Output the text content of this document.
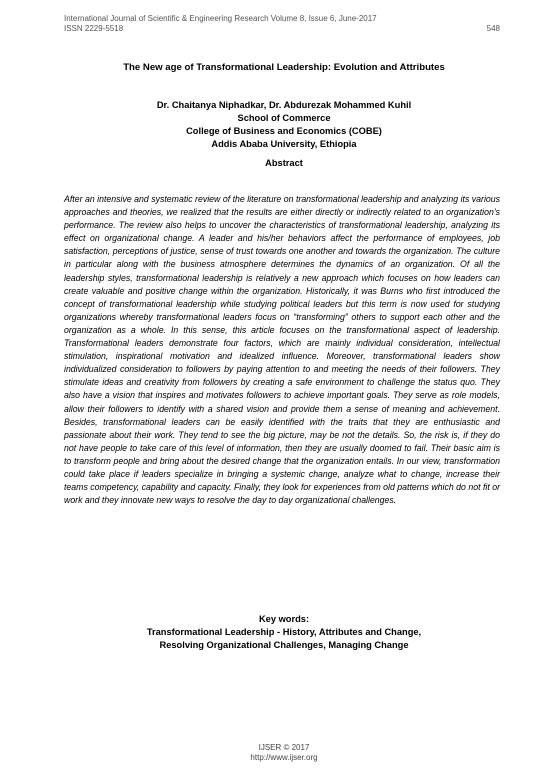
International Journal of Scientific & Engineering Research Volume 8, Issue 6, June-2017
ISSN 2229-5518	548
The New age of Transformational Leadership: Evolution and Attributes
Dr. Chaitanya Niphadkar, Dr. Abdurezak Mohammed Kuhil
School of Commerce
College of Business and Economics (COBE)
Addis Ababa University, Ethiopia
Abstract

After an intensive and systematic review of the literature on transformational leadership and analyzing its various approaches and theories, we realized that the results are either directly or indirectly related to an organization’s performance. The review also helps to uncover the characteristics of transformational leadership, analyzing its effect on organizational change. A leader and his/her behaviors affect the performance of employees, job satisfaction, perceptions of justice, sense of trust towards one another and towards the organization. The culture in particular along with the business atmosphere determines the dynamics of an organization. Of all the leadership styles, transformational leadership is relatively a new approach which focuses on how leaders can create valuable and positive change within the organization. Historically, it was Burns who first introduced the concept of transformational leadership while studying political leaders but this term is now used for studying organizations whereby transformational leaders focus on “transforming” others to support each other and the organization as a whole. In this sense, this article focuses on the transformational aspect of leadership. Transformational leaders demonstrate four factors, which are mainly individual consideration, intellectual stimulation, inspirational motivation and idealized influence. Moreover, transformational leaders show individualized consideration to followers by paying attention to and meeting the needs of their followers. They stimulate ideas and creativity from followers by creating a safe environment to challenge the status quo. They also have a vision that inspires and motivates followers to achieve important goals. They serve as role models, allow their followers to identify with a shared vision and provide them a sense of meaning and achievement. Besides, transformational leaders can be easily identified with the traits that they are enthusiastic and passionate about their work. They tend to see the big picture, may be not the details. So, the risk is, if they do not have people to take care of this level of information, then they are usually doomed to fail. Their basic aim is to transform people and bring about the desired change that the organization entails. In our view, transformation could take place if leaders specialize in bringing a systemic change, analyze what to change, increase their teams competency, capability and capacity. Finally, they look for experiences from old patterns which do not fit or work and they innovate new ways to resolve the day to day organizational challenges.

Key words:
Transformational Leadership - History, Attributes and Change,
Resolving Organizational Challenges, Managing Change
IJSER © 2017
http://www.ijser.org
